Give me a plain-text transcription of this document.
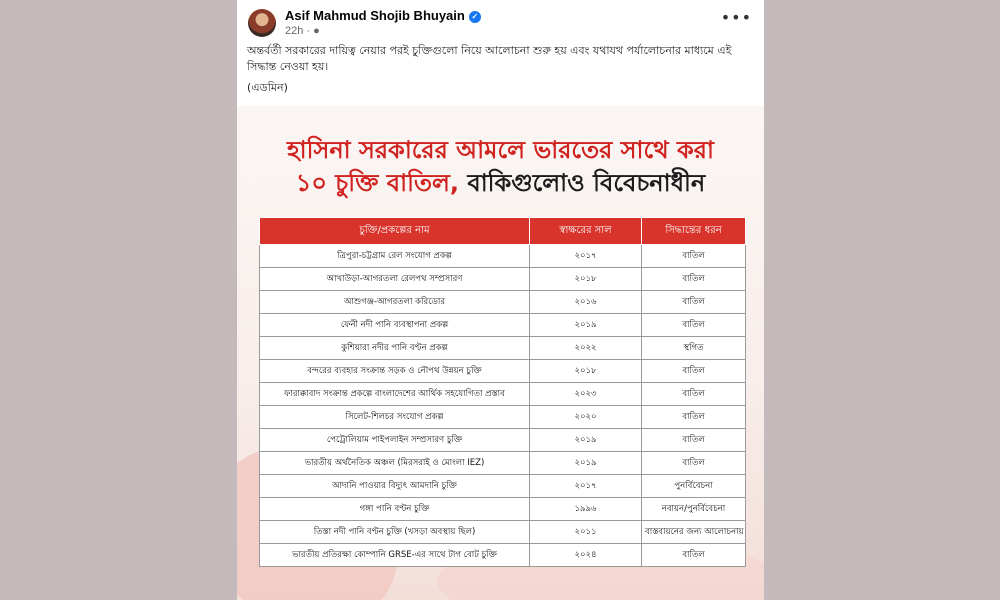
Asif Mahmud Shojib Bhuyain ✓
22h · ●
•••
অন্তর্বর্তী সরকারের দায়িত্ব নেয়ার পরই চুক্তিগুলো নিয়ে আলোচনা শুরু হয় এবং যথাযথ পর্যালোচনার মাধ্যমে এই সিদ্ধান্ত নেওয়া হয়।
(এডমিন)
হাসিনা সরকারের আমলে ভারতের সাথে করা
১০ চুক্তি বাতিল, বাকিগুলোও বিবেচনাধীন
চুক্তি/প্রকল্পের নাম	স্বাক্ষরের সাল	সিদ্ধান্তের ধরন
ত্রিপুরা-চট্টগ্রাম রেল সংযোগ প্রকল্প	২০১৭	বাতিল
আখাউড়া-আগরতলা রেলপথ সম্প্রসারণ	২০১৮	বাতিল
আশুগঞ্জ-আগরতলা করিডোর	২০১৬	বাতিল
ফেনী নদী পানি ব্যবস্থাপনা প্রকল্প	২০১৯	বাতিল
কুশিয়ারা নদীর পানি বণ্টন প্রকল্প	২০২২	স্থগিত
বন্দরের ব্যবহার সংক্রান্ত সড়ক ও নৌপথ উন্নয়ন চুক্তি	২০১৮	বাতিল
ফারাক্কাবাদ সংক্রান্ত প্রকল্পে বাংলাদেশের আর্থিক সহযোগিতা প্রস্তাব	২০২৩	বাতিল
সিলেট-শিলচর সংযোগ প্রকল্প	২০২০	বাতিল
পেট্রোলিয়াম পাইপলাইন সম্প্রসারণ চুক্তি	২০১৯	বাতিল
ভারতীয় অর্থনৈতিক অঞ্চল (মিরসরাই ও মোংলা IEZ)	২০১৯	বাতিল
আদানি পাওয়ার বিদ্যুৎ আমদানি চুক্তি	২০১৭	পুনর্বিবেচনা
গঙ্গা পানি বণ্টন চুক্তি	১৯৯৬	নবায়ন/পুনর্বিবেচনা
তিস্তা নদী পানি বণ্টন চুক্তি (খসড়া অবস্থায় ছিল)	২০১১	বাস্তবায়নের জন্য আলোচনায়
ভারতীয় প্রতিরক্ষা কোম্পানি GRSE-এর সাথে টাগ বোট চুক্তি	২০২৪	বাতিল
